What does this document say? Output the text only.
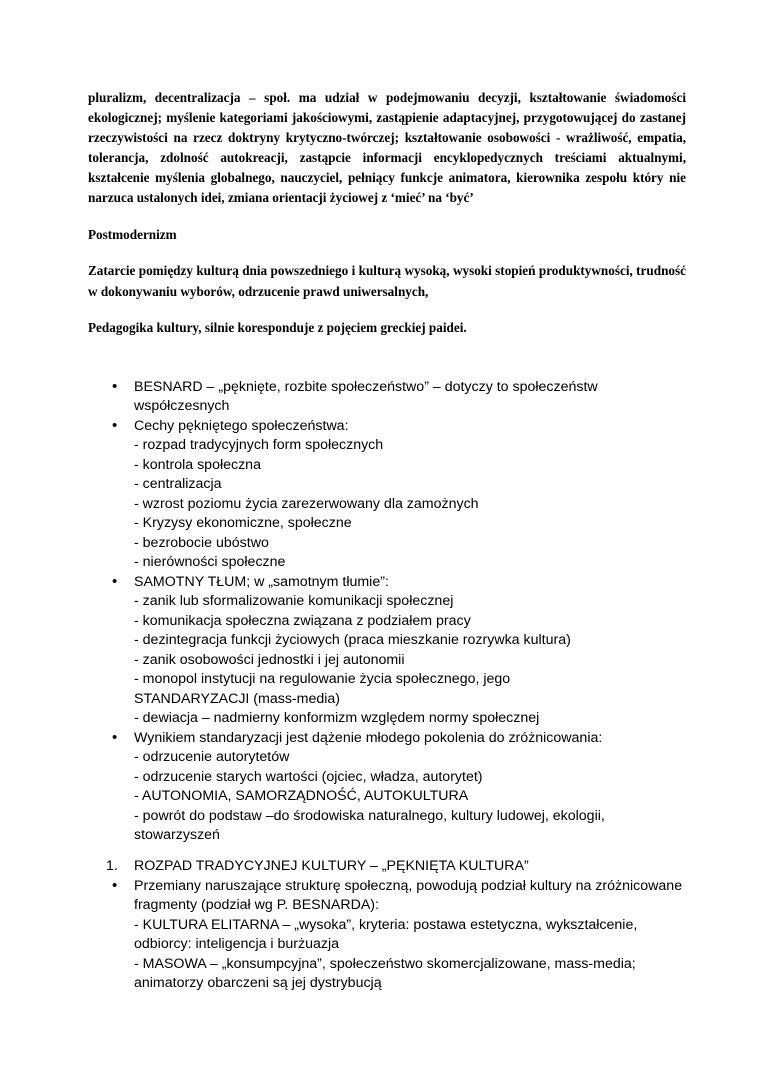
pluralizm, decentralizacja – społ. ma udział w podejmowaniu decyzji, kształtowanie świadomości ekologicznej; myślenie kategoriami jakościowymi, zastąpienie adaptacyjnej, przygotowującej do zastanej rzeczywistości na rzecz doktryny krytyczno-twórczej; kształtowanie osobowości - wrażliwość, empatia, tolerancja, zdolność autokreacji, zastąpcie informacji encyklopedycznych treściami aktualnymi, kształcenie myślenia globalnego, nauczyciel, pełniący funkcje animatora, kierownika zespołu który nie narzuca ustalonych idei, zmiana orientacji życiowej z ‘mieć’ na ‘być’

Postmodernizm

Zatarcie pomiędzy kulturą dnia powszedniego i kulturą wysoką, wysoki stopień produktywności, trudność w dokonywaniu wyborów, odrzucenie prawd uniwersalnych,

Pedagogika kultury, silnie koresponduje z pojęciem greckiej paidei.

• BESNARD – „pęknięte, rozbite społeczeństwo” – dotyczy to społeczeństw współczesnych
• Cechy pękniętego społeczeństwa:
- rozpad tradycyjnych form społecznych
- kontrola społeczna
- centralizacja
- wzrost poziomu życia zarezerwowany dla zamożnych
- Kryzysy ekonomiczne, społeczne
- bezrobocie ubóstwo
- nierówności społeczne
• SAMOTNY TŁUM; w „samotnym tłumie”:
- zanik lub sformalizowanie komunikacji społecznej
- komunikacja społeczna związana z podziałem pracy
- dezintegracja funkcji życiowych (praca mieszkanie rozrywka kultura)
- zanik osobowości jednostki i jej autonomii
- monopol instytucji na regulowanie życia społecznego, jego
STANDARYZACJI (mass-media)
- dewiacja – nadmierny konformizm względem normy społecznej
• Wynikiem standaryzacji jest dążenie młodego pokolenia do zróżnicowania:
- odrzucenie autorytetów
- odrzucenie starych wartości (ojciec, władza, autorytet)
- AUTONOMIA, SAMORZĄDNOŚĆ, AUTOKULTURA
- powrót do podstaw –do środowiska naturalnego, kultury ludowej, ekologii, stowarzyszeń
ROZPAD TRADYCYJNEJ KULTURY – „PĘKNIĘTA KULTURA”
• Przemiany naruszające strukturę społeczną, powodują podział kultury na zróżnicowane fragmenty (podział wg P. BESNARDA):
- KULTURA ELITARNA – „wysoka”, kryteria: postawa estetyczna, wykształcenie, odbiorcy: inteligencja i burżuazja
- MASOWA – „konsumpcyjna”, społeczeństwo skomercjalizowane, mass-media; animatorzy obarczeni są jej dystrybucją
